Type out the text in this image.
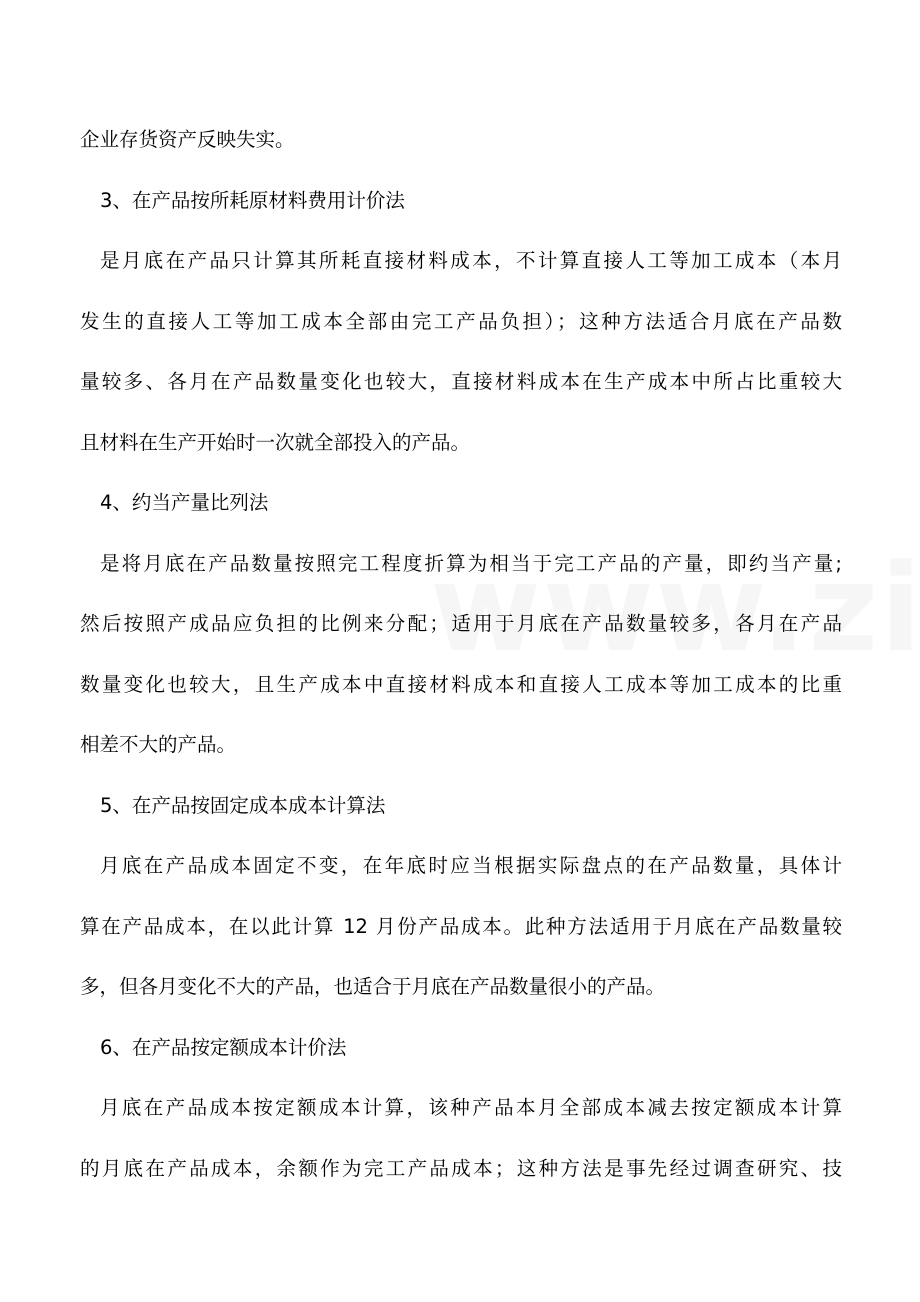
企业存货资产反映失实。
3、在产品按所耗原材料费用计价法
是月底在产品只计算其所耗直接材料成本，不计算直接人工等加工成本（本月
发生的直接人工等加工成本全部由完工产品负担）；这种方法适合月底在产品数
量较多、各月在产品数量变化也较大，直接材料成本在生产成本中所占比重较大
且材料在生产开始时一次就全部投入的产品。
4、约当产量比列法
是将月底在产品数量按照完工程度折算为相当于完工产品的产量，即约当产量;
然后按照产成品应负担的比例来分配；适用于月底在产品数量较多，各月在产品
数量变化也较大，且生产成本中直接材料成本和直接人工成本等加工成本的比重
相差不大的产品。
5、在产品按固定成本成本计算法
月底在产品成本固定不变，在年底时应当根据实际盘点的在产品数量，具体计
算在产品成本，在以此计算 12 月份产品成本。此种方法适用于月底在产品数量较
多，但各月变化不大的产品，也适合于月底在产品数量很小的产品。
6、在产品按定额成本计价法
月底在产品成本按定额成本计算，该种产品本月全部成本减去按定额成本计算
的月底在产品成本，余额作为完工产品成本；这种方法是事先经过调查研究、技
